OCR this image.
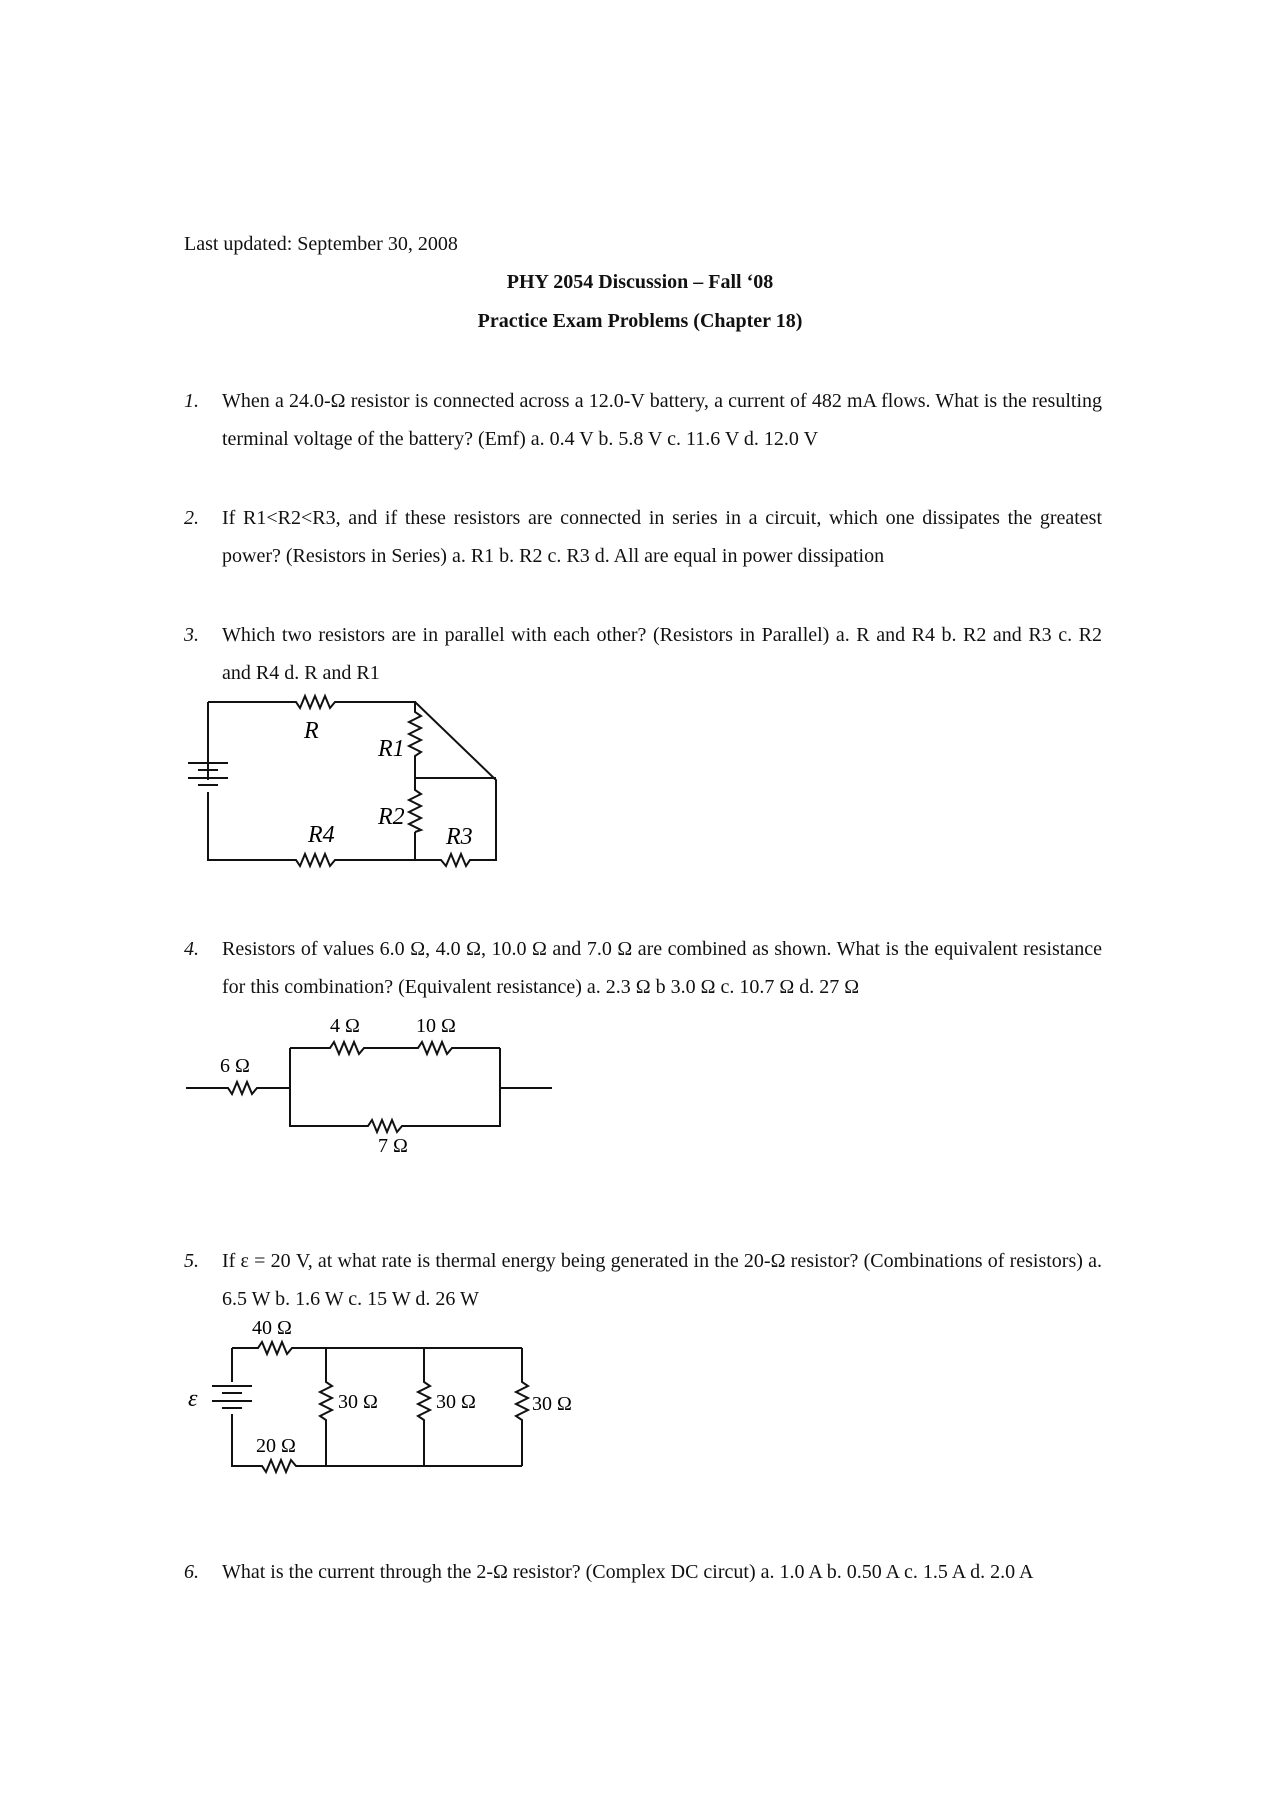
Last updated: September 30, 2008
PHY 2054 Discussion – Fall ‘08
Practice Exam Problems (Chapter 18)
1. When a 24.0-Ω resistor is connected across a 12.0-V battery, a current of 482 mA flows. What is the resulting terminal voltage of the battery? (Emf) a. 0.4 V b. 5.8 V c. 11.6 V d. 12.0 V
2. If R1<R2<R3, and if these resistors are connected in series in a circuit, which one dissipates the greatest power? (Resistors in Series) a. R1 b. R2 c. R3 d. All are equal in power dissipation
3. Which two resistors are in parallel with each other? (Resistors in Parallel) a. R and R4 b. R2 and R3 c. R2 and R4 d. R and R1
R
R1
R2
R3
R4
4. Resistors of values 6.0 Ω, 4.0 Ω, 10.0 Ω and 7.0 Ω are combined as shown. What is the equivalent resistance for this combination? (Equivalent resistance) a. 2.3 Ω b 3.0 Ω c. 10.7 Ω d. 27 Ω
6 Ω
4 Ω	10 Ω
7 Ω
5. If ε = 20 V, at what rate is thermal energy being generated in the 20-Ω resistor? (Combinations of resistors) a. 6.5 W b. 1.6 W c. 15 W d. 26 W
ε
40 Ω
20 Ω
30 Ω	30 Ω	30 Ω
6. What is the current through the 2-Ω resistor? (Complex DC circut) a. 1.0 A b. 0.50 A c. 1.5 A d. 2.0 A
